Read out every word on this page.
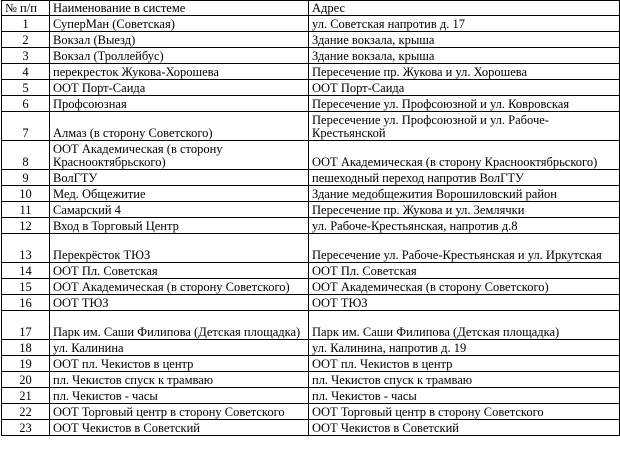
№ п/п	Наименование в системе	Адрес
1	СуперМан (Советская)	ул. Советская напротив д. 17
2	Вокзал (Выезд)	Здание вокзала, крыша
3	Вокзал (Троллейбус)	Здание вокзала, крыша
4	перекресток Жукова-Хорошева	Пересечение пр. Жукова и ул. Хорошева
5	ООТ Порт-Саида	ООТ Порт-Саида
6	Профсоюзная	Пересечение ул. Профсоюзной и ул. Ковровская
7	Алмаз (в сторону Советского)	Пересечение ул. Профсоюзной и ул. Рабоче-Крестьянской
8	ООТ Академическая (в сторону Краснооктябрьского)	ООТ Академическая (в сторону Краснооктябрьского)
9	ВолГТУ	пешеходный переход напротив ВолГТУ
10	Мед. Общежитие	Здание медобщежития Ворошиловский район
11	Самарский 4	Пересечение пр. Жукова и ул. Землячки
12	Вход в Торговый Центр	ул. Рабоче-Крестьянская, напротив д.8
13	Перекрёсток ТЮЗ	Пересечение ул. Рабоче-Крестьянская и ул. Иркутская
14	ООТ Пл. Советская	ООТ Пл. Советская
15	ООТ Академическая (в сторону Советского)	ООТ Академическая (в сторону Советского)
16	ООТ ТЮЗ	ООТ ТЮЗ
17	Парк им. Саши Филипова (Детская площадка)	Парк им. Саши Филипова (Детская площадка)
18	ул. Калинина	ул. Калинина, напротив д. 19
19	ООТ пл. Чекистов в центр	ООТ пл. Чекистов в центр
20	пл. Чекистов спуск к трамваю	пл. Чекистов спуск к трамваю
21	пл. Чекистов - часы	пл. Чекистов - часы
22	ООТ Торговый центр в сторону Советского	ООТ Торговый центр в сторону Советского
23	ООТ Чекистов в Советский	ООТ Чекистов в Советский
